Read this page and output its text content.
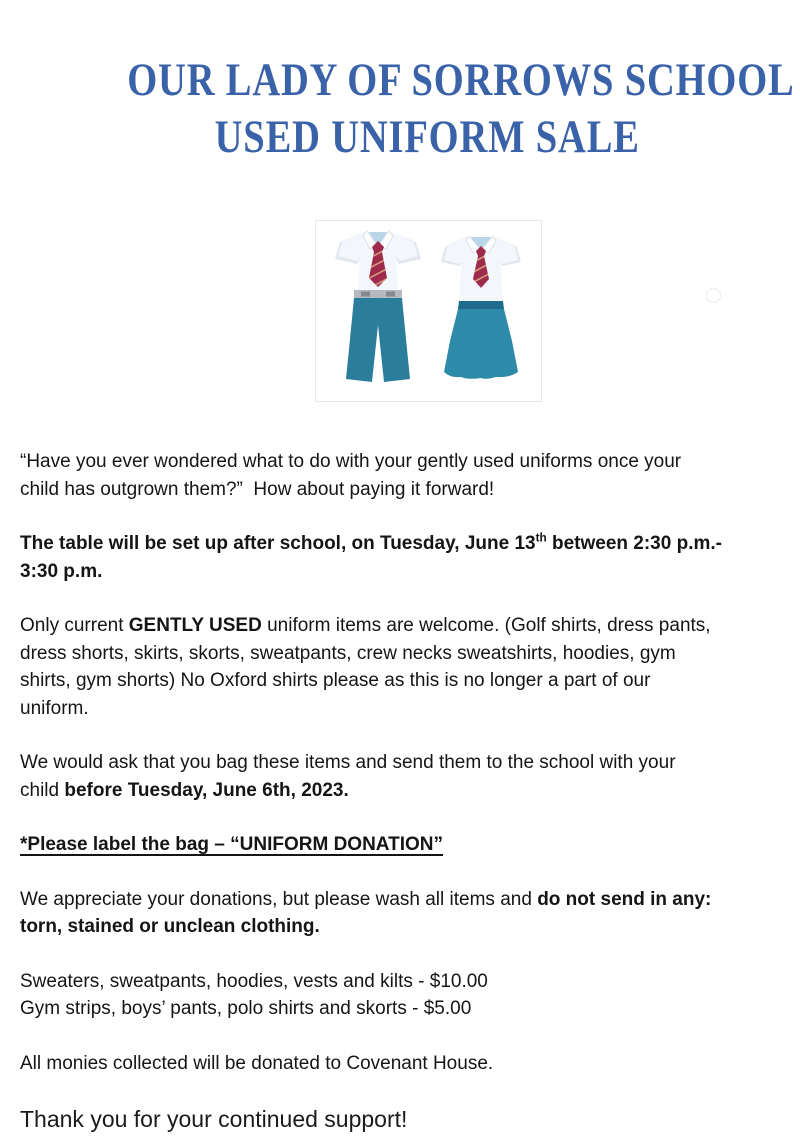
OUR LADY OF SORROWS SCHOOL
USED UNIFORM SALE

“Have you ever wondered what to do with your gently used uniforms once your
child has outgrown them?”  How about paying it forward!

The table will be set up after school, on Tuesday, June 13th between 2:30 p.m.-
3:30 p.m.

Only current GENTLY USED uniform items are welcome. (Golf shirts, dress pants,
dress shorts, skirts, skorts, sweatpants, crew necks sweatshirts, hoodies, gym
shirts, gym shorts) No Oxford shirts please as this is no longer a part of our
uniform.

We would ask that you bag these items and send them to the school with your
child before Tuesday, June 6th, 2023.

*Please label the bag – “UNIFORM DONATION”

We appreciate your donations, but please wash all items and do not send in any:
torn, stained or unclean clothing.

Sweaters, sweatpants, hoodies, vests and kilts - $10.00
Gym strips, boys’ pants, polo shirts and skorts - $5.00

All monies collected will be donated to Covenant House.

Thank you for your continued support!
